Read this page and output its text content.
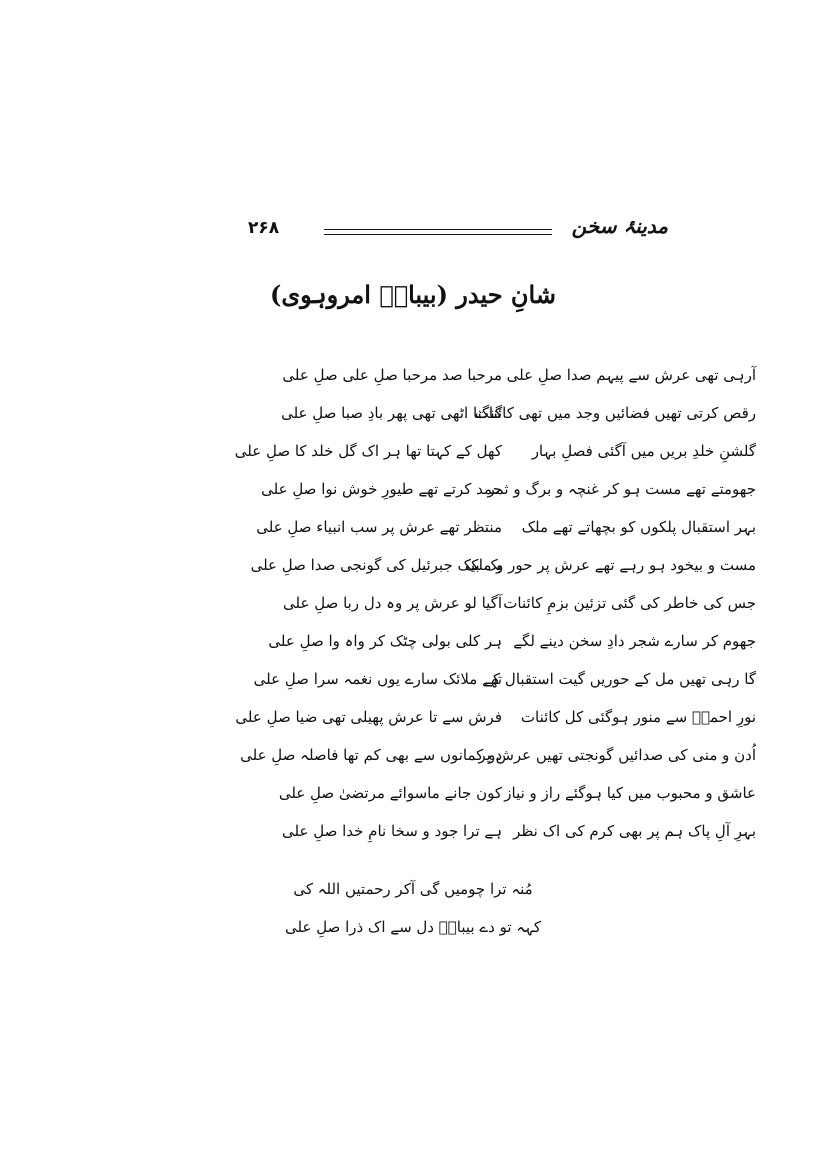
۲۶۸	مدینۂ سخن
شانِ حیدر (بیباکؔ امروہوی)
آرہی تھی عرش سے پیہم صدا صلِ علی
مرحبا صد مرحبا صلِ علی صلِ علی
رقص کرتی تھیں فضائیں وجد میں تھی کائنات
گنگنا اٹھی تھی پھر بادِ صبا صلِ علی
گلشنِ خلدِ بریں میں آگئی فصلِ بہار
کھل کے کہتا تھا ہر اک گل خلد کا صلِ علی
جھومتے تھے مست ہو کر غنچہ و برگ و ثمر
حمد کرتے تھے طیورِ خوش نوا صلِ علی
بہر استقبال پلکوں کو بچھاتے تھے ملک
منتظر تھے عرش پر سب انبیاء صلِ علی
مست و بیخود ہو رہے تھے عرش پر حور و ملک
یک بیک جبرئیل کی گونجی صدا صلِ علی
جس کی خاطر کی گئی تزئین بزمِ کائنات
آگیا لو عرش پر وہ دل ربا صلِ علی
جھوم کر سارے شجر دادِ سخن دینے لگے
ہر کلی بولی چٹک کر واہ وا صلِ علی
گا رہی تھیں مل کے حوریں گیت استقبال کے
تھے ملائک سارے یوں نغمہ سرا صلِ علی
نورِ احمدؐ سے منور ہوگئی کل کائنات
فرش سے تا عرش پھیلی تھی ضیا صلِ علی
اُدن و منی کی صدائیں گونجتی تھیں عرش پر
دو کمانوں سے بھی کم تھا فاصلہ صلِ علی
عاشق و محبوب میں کیا ہوگئے راز و نیاز
کون جانے ماسوائے مرتضیٰ صلِ علی
بہرِ آلِ پاک ہم پر بھی کرم کی اک نظر
ہے ترا جود و سخا نامِ خدا صلِ علی
مُنہ ترا چومیں گی آکر رحمتیں اللہ کی
کہہ تو دے بیباکؔ دل سے اک ذرا صلِ علی
